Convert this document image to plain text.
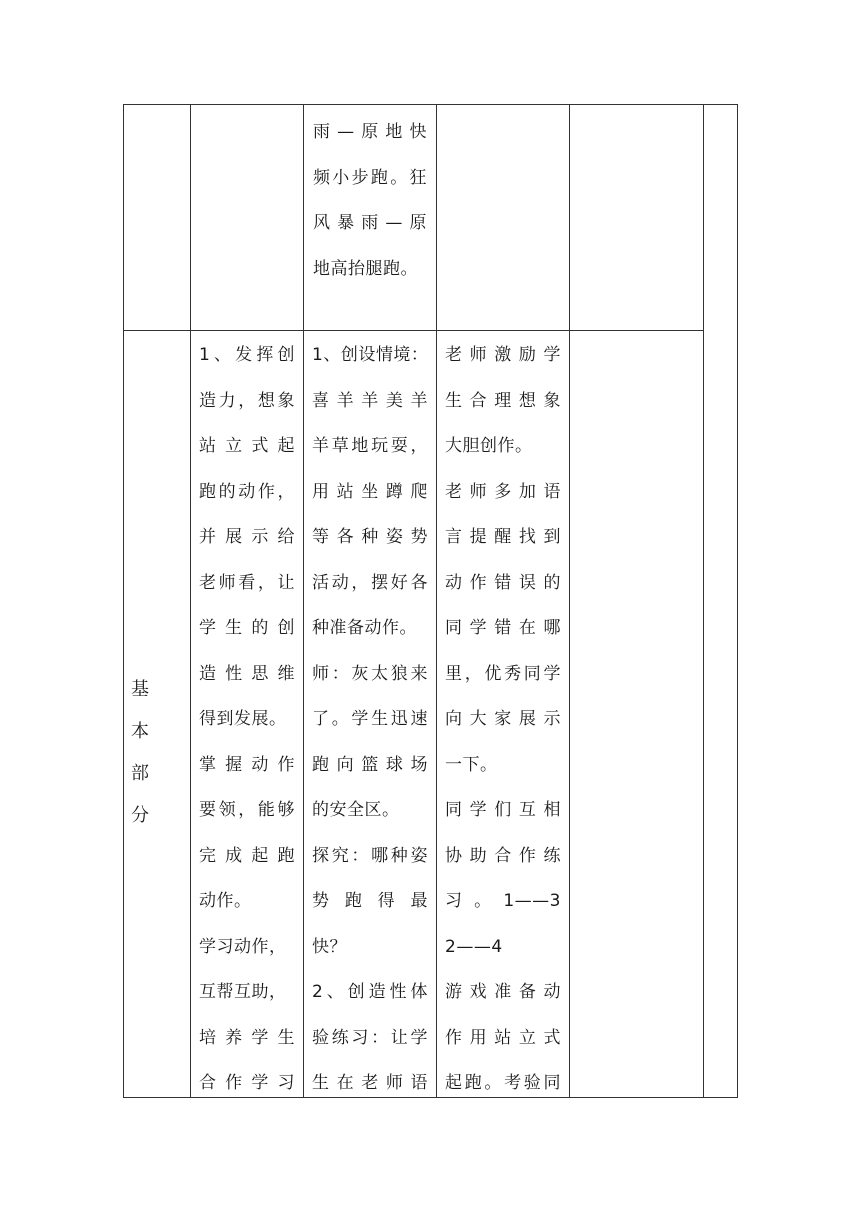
雨—原地快
频小步跑。狂
风暴雨—原
地高抬腿跑。
基本
部分
1、发挥创
造力，想象
站立式起
跑的动作，
并展示给
老师看，让
学生的创
造性思维
得到发展。
掌握动作
要领，能够
完成起跑
动作。
学习动作，
互帮互助，
培养学生
合作学习
1、创设情境：
喜羊羊美羊
羊草地玩耍，
用站坐蹲爬
等各种姿势
活动，摆好各
种准备动作。
师：灰太狼来
了。学生迅速
跑向篮球场
的安全区。
探究：哪种姿
势跑得最
快？
2、创造性体
验练习：让学
生在老师语
老师激励学
生合理想象
大胆创作。
老师多加语
言提醒找到
动作错误的
同学错在哪
里，优秀同学
向大家展示
一下。
同学们互相
协助合作练
习。1——3
2——4
游戏准备动
作用站立式
起跑。考验同
